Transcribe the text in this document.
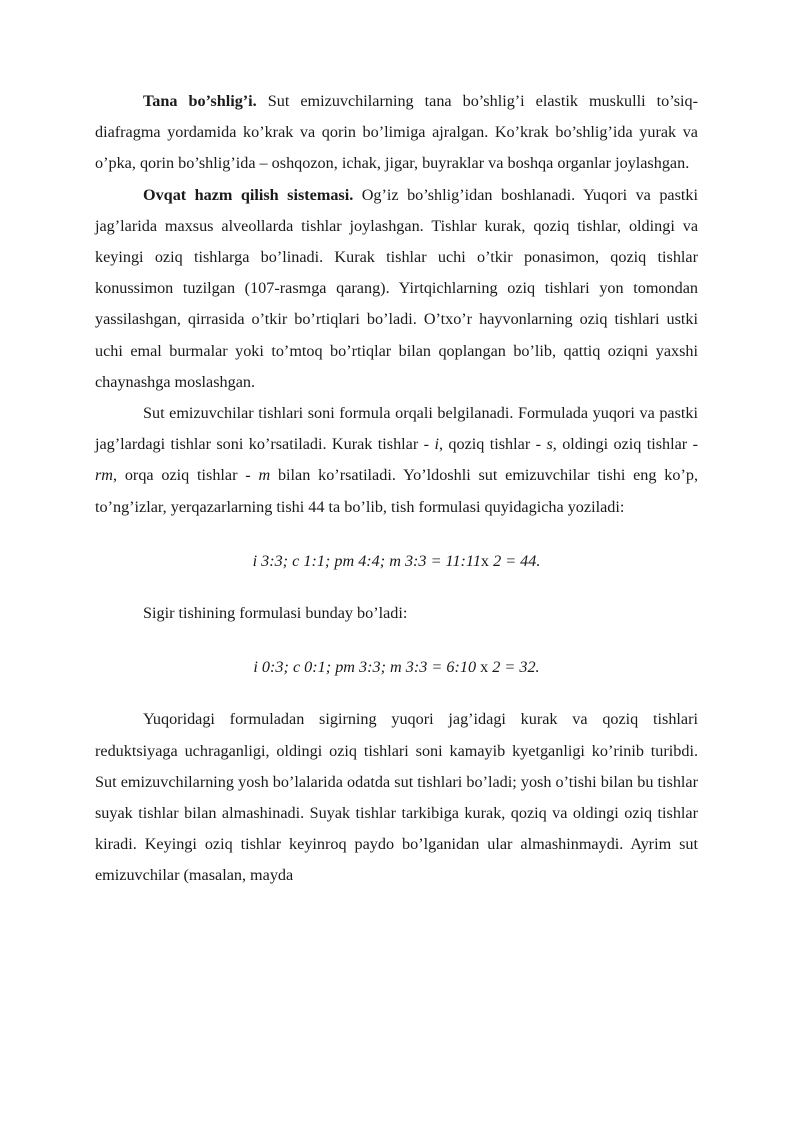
Tana bo’shlig’i. Sut emizuvchilarning tana bo’shlig’i elastik muskulli to’siq-diafragma yordamida ko’krak va qorin bo’limiga ajralgan. Ko’krak bo’shlig’ida yurak va o’pka, qorin bo’shlig’ida – oshqozon, ichak, jigar, buyraklar va boshqa organlar joylashgan.

Ovqat hazm qilish sistemasi. Og’iz bo’shlig’idan boshlanadi. Yuqori va pastki jag’larida maxsus alveollarda tishlar joylashgan. Tishlar kurak, qoziq tishlar, oldingi va keyingi oziq tishlarga bo’linadi. Kurak tishlar uchi o’tkir ponasimon, qoziq tishlar konussimon tuzilgan (107-rasmga qarang). Yirtqichlarning oziq tishlari yon tomondan yassilashgan, qirrasida o’tkir bo’rtiqlari bo’ladi. O’txo’r hayvonlarning oziq tishlari ustki uchi emal burmalar yoki to’mtoq bo’rtiqlar bilan qoplangan bo’lib, qattiq oziqni yaxshi chaynashga moslashgan.

Sut emizuvchilar tishlari soni formula orqali belgilanadi. Formulada yuqori va pastki jag’lardagi tishlar soni ko’rsatiladi. Kurak tishlar - i, qoziq tishlar - s, oldingi oziq tishlar - rm, orqa oziq tishlar - m bilan ko’rsatiladi. Yo’ldoshli sut emizuvchilar tishi eng ko’p, to’ng’izlar, yerqazarlarning tishi 44 ta bo’lib, tish formulasi quyidagicha yoziladi:

i 3:3; c 1:1; pm 4:4; m 3:3 = 11:11x 2 = 44.

Sigir tishining formulasi bunday bo’ladi:

i 0:3; c 0:1; pm 3:3; m 3:3 = 6:10 x 2 = 32.

Yuqoridagi formuladan sigirning yuqori jag’idagi kurak va qoziq tishlari reduktsiyaga uchraganligi, oldingi oziq tishlari soni kamayib kyetganligi ko’rinib turibdi. Sut emizuvchilarning yosh bo’lalarida odatda sut tishlari bo’ladi; yosh o’tishi bilan bu tishlar suyak tishlar bilan almashinadi. Suyak tishlar tarkibiga kurak, qoziq va oldingi oziq tishlar kiradi. Keyingi oziq tishlar keyinroq paydo bo’lganidan ular almashinmaydi. Ayrim sut emizuvchilar (masalan, mayda
